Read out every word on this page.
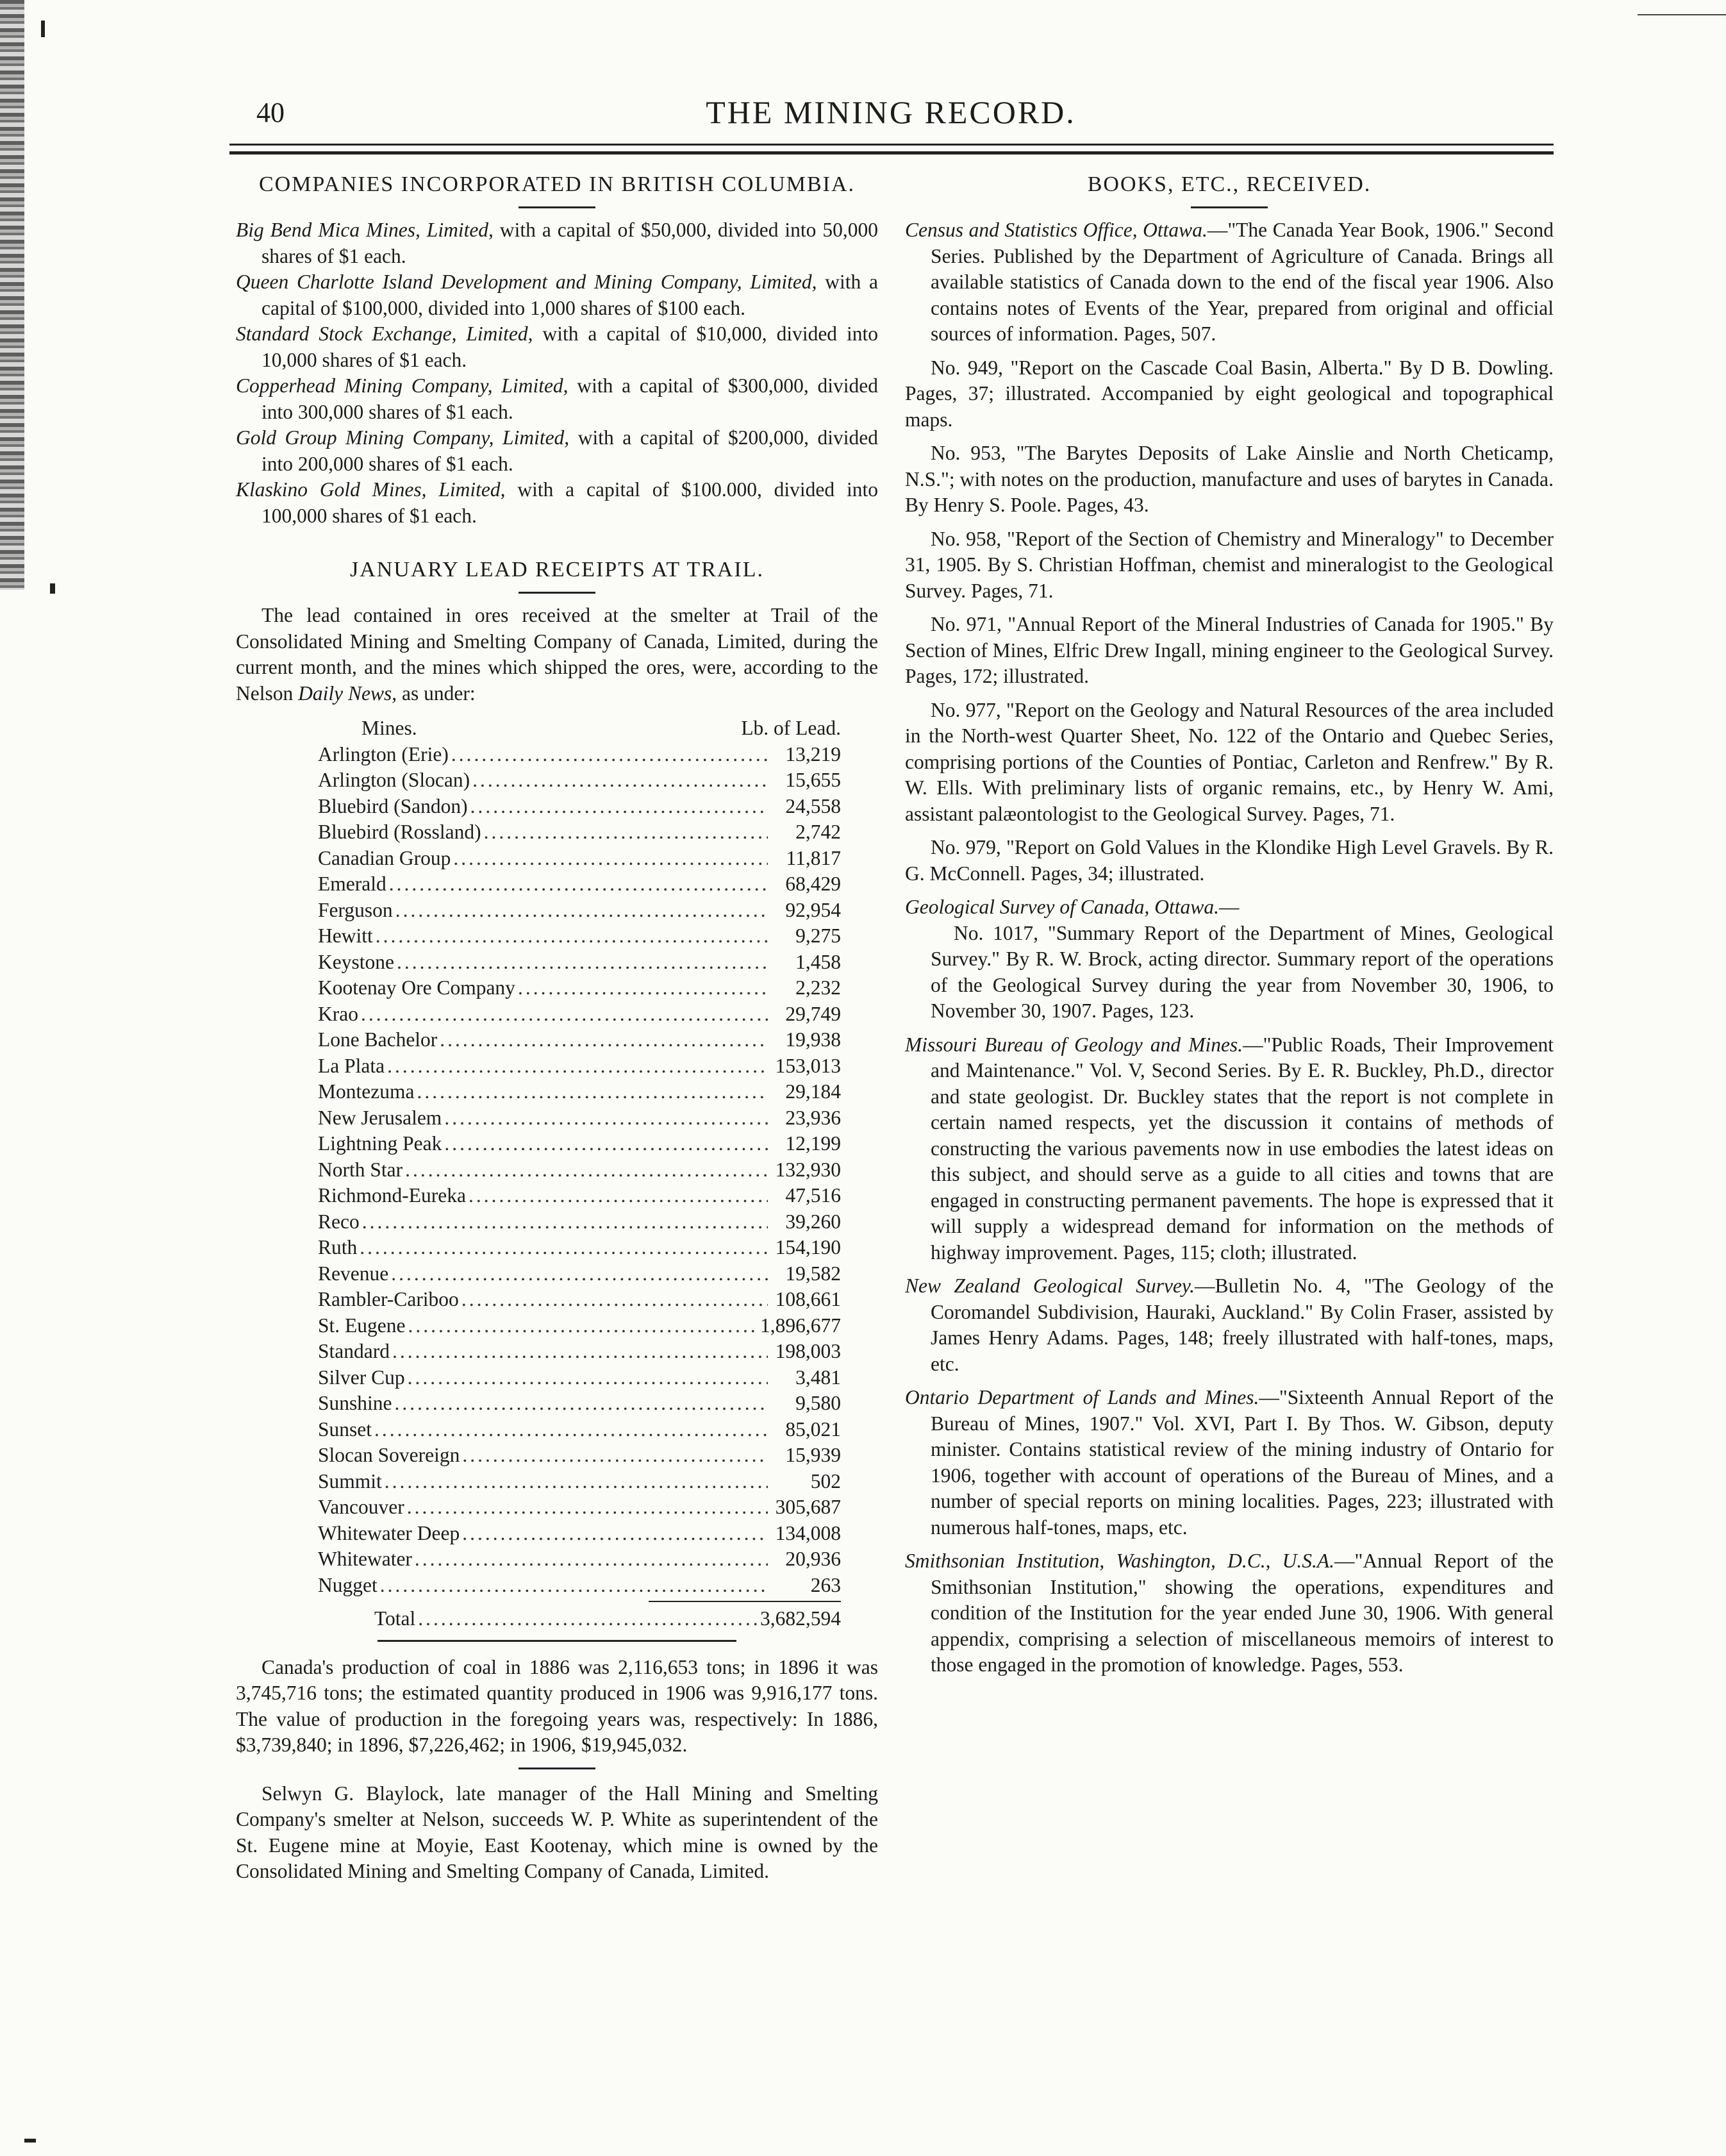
40	THE MINING RECORD.
COMPANIES INCORPORATED IN BRITISH COLUMBIA.

Big Bend Mica Mines, Limited, with a capital of $50,000, divided into 50,000 shares of $1 each.

Queen Charlotte Island Development and Mining Company, Limited, with a capital of $100,000, divided into 1,000 shares of $100 each.

Standard Stock Exchange, Limited, with a capital of $10,000, divided into 10,000 shares of $1 each.

Copperhead Mining Company, Limited, with a capital of $300,000, divided into 300,000 shares of $1 each.

Gold Group Mining Company, Limited, with a capital of $200,000, divided into 200,000 shares of $1 each.

Klaskino Gold Mines, Limited, with a capital of $100.000, divided into 100,000 shares of $1 each.

JANUARY LEAD RECEIPTS AT TRAIL.

The lead contained in ores received at the smelter at Trail of the Consolidated Mining and Smelting Company of Canada, Limited, during the current month, and the mines which shipped the ores, were, according to the Nelson Daily News, as under:

Mines.	Lb. of Lead.
Arlington (Erie) .....	13,219
Arlington (Slocan) .....	15,655
Bluebird (Sandon) .....	24,558
Bluebird (Rossland) .....	2,742
Canadian Group .....	11,817
Emerald .....	68,429
Ferguson .....	92,954
Hewitt .....	9,275
Keystone .....	1,458
Kootenay Ore Company .....	2,232
Krao .....	29,749
Lone Bachelor .....	19,938
La Plata .....	153,013
Montezuma .....	29,184
New Jerusalem .....	23,936
Lightning Peak .....	12,199
North Star .....	132,930
Richmond-Eureka .....	47,516
Reco .....	39,260
Ruth .....	154,190
Revenue .....	19,582
Rambler-Cariboo .....	108,661
St. Eugene .....	1,896,677
Standard .....	198,003
Silver Cup .....	3,481
Sunshine .....	9,580
Sunset .....	85,021
Slocan Sovereign .....	15,939
Summit .....	502
Vancouver .....	305,687
Whitewater Deep .....	134,008
Whitewater .....	20,936
Nugget .....	263
Total .....	3,682,594

Canada's production of coal in 1886 was 2,116,653 tons; in 1896 it was 3,745,716 tons; the estimated quantity produced in 1906 was 9,916,177 tons. The value of production in the foregoing years was, respectively: In 1886, $3,739,840; in 1896, $7,226,462; in 1906, $19,945,032.

Selwyn G. Blaylock, late manager of the Hall Mining and Smelting Company's smelter at Nelson, succeeds W. P. White as superintendent of the St. Eugene mine at Moyie, East Kootenay, which mine is owned by the Consolidated Mining and Smelting Company of Canada, Limited.

BOOKS, ETC., RECEIVED.

Census and Statistics Office, Ottawa.—"The Canada Year Book, 1906." Second Series. Published by the Department of Agriculture of Canada. Brings all available statistics of Canada down to the end of the fiscal year 1906. Also contains notes of Events of the Year, prepared from original and official sources of information. Pages, 507.

No. 949, "Report on the Cascade Coal Basin, Alberta." By D B. Dowling. Pages, 37; illustrated. Accompanied by eight geological and topographical maps.

No. 953, "The Barytes Deposits of Lake Ainslie and North Cheticamp, N.S."; with notes on the production, manufacture and uses of barytes in Canada. By Henry S. Poole. Pages, 43.

No. 958, "Report of the Section of Chemistry and Mineralogy" to December 31, 1905. By S. Christian Hoffman, chemist and mineralogist to the Geological Survey. Pages, 71.

No. 971, "Annual Report of the Mineral Industries of Canada for 1905." By Section of Mines, Elfric Drew Ingall, mining engineer to the Geological Survey. Pages, 172; illustrated.

No. 977, "Report on the Geology and Natural Resources of the area included in the North-west Quarter Sheet, No. 122 of the Ontario and Quebec Series, comprising portions of the Counties of Pontiac, Carleton and Renfrew." By R. W. Ells. With preliminary lists of organic remains, etc., by Henry W. Ami, assistant palæontologist to the Geological Survey. Pages, 71.

No. 979, "Report on Gold Values in the Klondike High Level Gravels. By R. G. McConnell. Pages, 34; illustrated.

Geological Survey of Canada, Ottawa.—

No. 1017, "Summary Report of the Department of Mines, Geological Survey." By R. W. Brock, acting director. Summary report of the operations of the Geological Survey during the year from November 30, 1906, to November 30, 1907. Pages, 123.

Missouri Bureau of Geology and Mines.—"Public Roads, Their Improvement and Maintenance." Vol. V, Second Series. By E. R. Buckley, Ph.D., director and state geologist. Dr. Buckley states that the report is not complete in certain named respects, yet the discussion it contains of methods of constructing the various pavements now in use embodies the latest ideas on this subject, and should serve as a guide to all cities and towns that are engaged in constructing permanent pavements. The hope is expressed that it will supply a widespread demand for information on the methods of highway improvement. Pages, 115; cloth; illustrated.

New Zealand Geological Survey.—Bulletin No. 4, "The Geology of the Coromandel Subdivision, Hauraki, Auckland." By Colin Fraser, assisted by James Henry Adams. Pages, 148; freely illustrated with half-tones, maps, etc.

Ontario Department of Lands and Mines.—"Sixteenth Annual Report of the Bureau of Mines, 1907." Vol. XVI, Part I. By Thos. W. Gibson, deputy minister. Contains statistical review of the mining industry of Ontario for 1906, together with account of operations of the Bureau of Mines, and a number of special reports on mining localities. Pages, 223; illustrated with numerous half-tones, maps, etc.

Smithsonian Institution, Washington, D.C., U.S.A.—"Annual Report of the Smithsonian Institution," showing the operations, expenditures and condition of the Institution for the year ended June 30, 1906. With general appendix, comprising a selection of miscellaneous memoirs of interest to those engaged in the promotion of knowledge. Pages, 553.
